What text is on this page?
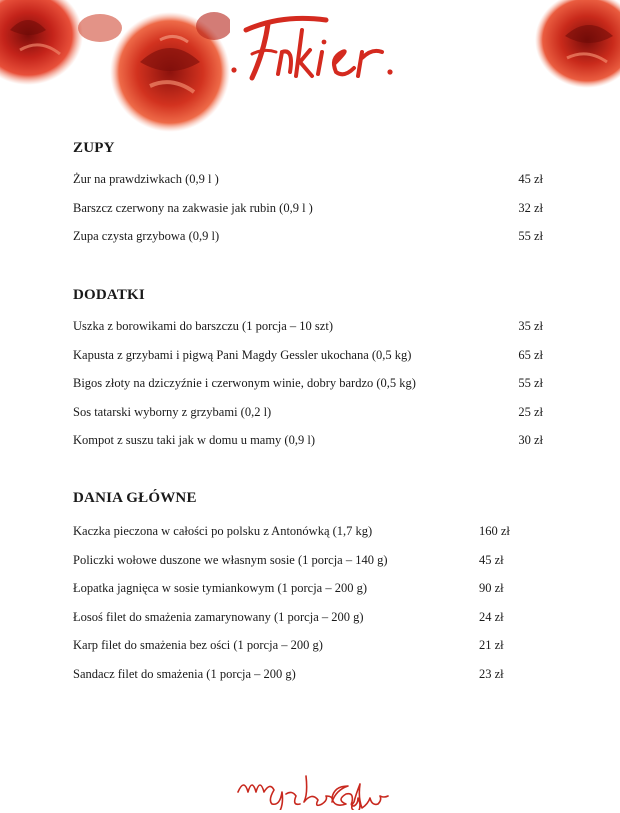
ZUPY
Żur na prawdziwkach (0,9 l )	45 zł
Barszcz czerwony na zakwasie jak rubin (0,9 l )	32 zł
Zupa czysta grzybowa (0,9 l)	55 zł
DODATKI
Uszka z borowikami do barszczu (1 porcja – 10 szt)	35 zł
Kapusta z grzybami i pigwą Pani Magdy Gessler ukochana (0,5 kg)	65 zł
Bigos złoty na dziczyźnie i czerwonym winie, dobry bardzo (0,5 kg)	55 zł
Sos tatarski wyborny z grzybami (0,2 l)	25 zł
Kompot z suszu taki jak w domu u mamy (0,9 l)	30 zł
DANIA GŁÓWNE
Kaczka pieczona w całości po polsku z Antonówką (1,7 kg)	160 zł
Policzki wołowe duszone we własnym sosie (1 porcja – 140 g)	45 zł
Łopatka jagnięca w sosie tymiankowym (1 porcja – 200 g)	90 zł
Łosoś filet do smażenia zamarynowany (1 porcja – 200 g)	24 zł
Karp filet do smażenia bez ości (1 porcja – 200 g)	21 zł
Sandacz filet do smażenia (1 porcja – 200 g)	23 zł
